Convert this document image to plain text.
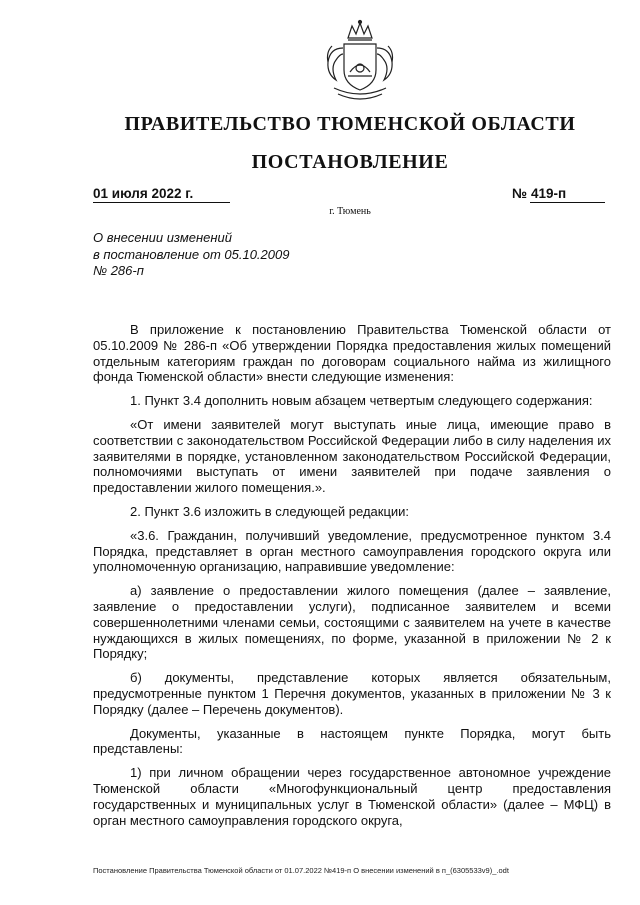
ПРАВИТЕЛЬСТВО ТЮМЕНСКОЙ ОБЛАСТИ
ПОСТАНОВЛЕНИЕ
01 июля 2022 г.	№ 419-п
г. Тюмень
О внесении изменений
в постановление от 05.10.2009
№ 286-п

В приложение к постановлению Правительства Тюменской области от 05.10.2009 № 286-п «Об утверждении Порядка предоставления жилых помещений отдельным категориям граждан по договорам социального найма из жилищного фонда Тюменской области» внести следующие изменения:

1. Пункт 3.4 дополнить новым абзацем четвертым следующего содержания:

«От имени заявителей могут выступать иные лица, имеющие право в соответствии с законодательством Российской Федерации либо в силу наделения их заявителями в порядке, установленном законодательством Российской Федерации, полномочиями выступать от имени заявителей при подаче заявления о предоставлении жилого помещения.».

2. Пункт 3.6 изложить в следующей редакции:

«3.6. Гражданин, получивший уведомление, предусмотренное пунктом 3.4 Порядка, представляет в орган местного самоуправления городского округа или уполномоченную организацию, направившие уведомление:

а) заявление о предоставлении жилого помещения (далее – заявление, заявление о предоставлении услуги), подписанное заявителем и всеми совершеннолетними членами семьи, состоящими с заявителем на учете в качестве нуждающихся в жилых помещениях, по форме, указанной в приложении № 2 к Порядку;

б) документы, представление которых является обязательным, предусмотренные пунктом 1 Перечня документов, указанных в приложении № 3 к Порядку (далее – Перечень документов).

Документы, указанные в настоящем пункте Порядка, могут быть представлены:

1) при личном обращении через государственное автономное учреждение Тюменской области «Многофункциональный центр предоставления государственных и муниципальных услуг в Тюменской области» (далее – МФЦ) в орган местного самоуправления городского округа,

Постановление Правительства Тюменской области от 01.07.2022 №419-п О внесении изменений в п_(6305533v9)_.odt
